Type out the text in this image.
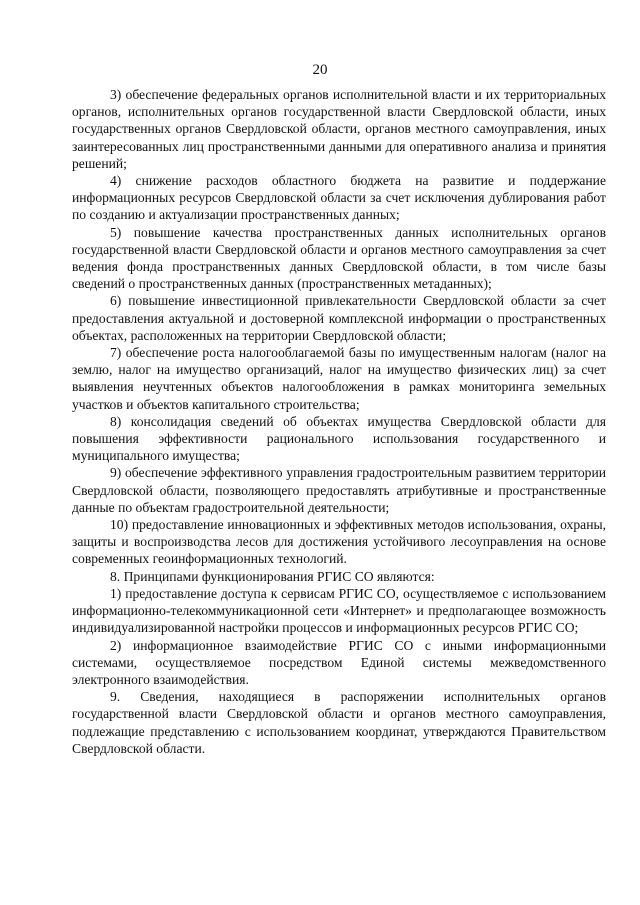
20

3) обеспечение федеральных органов исполнительной власти и их территориальных органов, исполнительных органов государственной власти Свердловской области, иных государственных органов Свердловской области, органов местного самоуправления, иных заинтересованных лиц пространственными данными для оперативного анализа и принятия решений;

4) снижение расходов областного бюджета на развитие и поддержание информационных ресурсов Свердловской области за счет исключения дублирования работ по созданию и актуализации пространственных данных;

5) повышение качества пространственных данных исполнительных органов государственной власти Свердловской области и органов местного самоуправления за счет ведения фонда пространственных данных Свердловской области, в том числе базы сведений о пространственных данных (пространственных метаданных);

6) повышение инвестиционной привлекательности Свердловской области за счет предоставления актуальной и достоверной комплексной информации о пространственных объектах, расположенных на территории Свердловской области;

7) обеспечение роста налогооблагаемой базы по имущественным налогам (налог на землю, налог на имущество организаций, налог на имущество физических лиц) за счет выявления неучтенных объектов налогообложения в рамках мониторинга земельных участков и объектов капитального строительства;

8) консолидация сведений об объектах имущества Свердловской области для повышения эффективности рационального использования государственного и муниципального имущества;

9) обеспечение эффективного управления градостроительным развитием территории Свердловской области, позволяющего предоставлять атрибутивные и пространственные данные по объектам градостроительной деятельности;

10) предоставление инновационных и эффективных методов использования, охраны, защиты и воспроизводства лесов для достижения устойчивого лесоуправления на основе современных геоинформационных технологий.

8. Принципами функционирования РГИС СО являются:

1) предоставление доступа к сервисам РГИС СО, осуществляемое с использованием информационно-телекоммуникационной сети «Интернет» и предполагающее возможность индивидуализированной настройки процессов и информационных ресурсов РГИС СО;

2) информационное взаимодействие РГИС СО с иными информационными системами, осуществляемое посредством Единой системы межведомственного электронного взаимодействия.

9. Сведения, находящиеся в распоряжении исполнительных органов государственной власти Свердловской области и органов местного самоуправления, подлежащие представлению с использованием координат, утверждаются Правительством Свердловской области.
